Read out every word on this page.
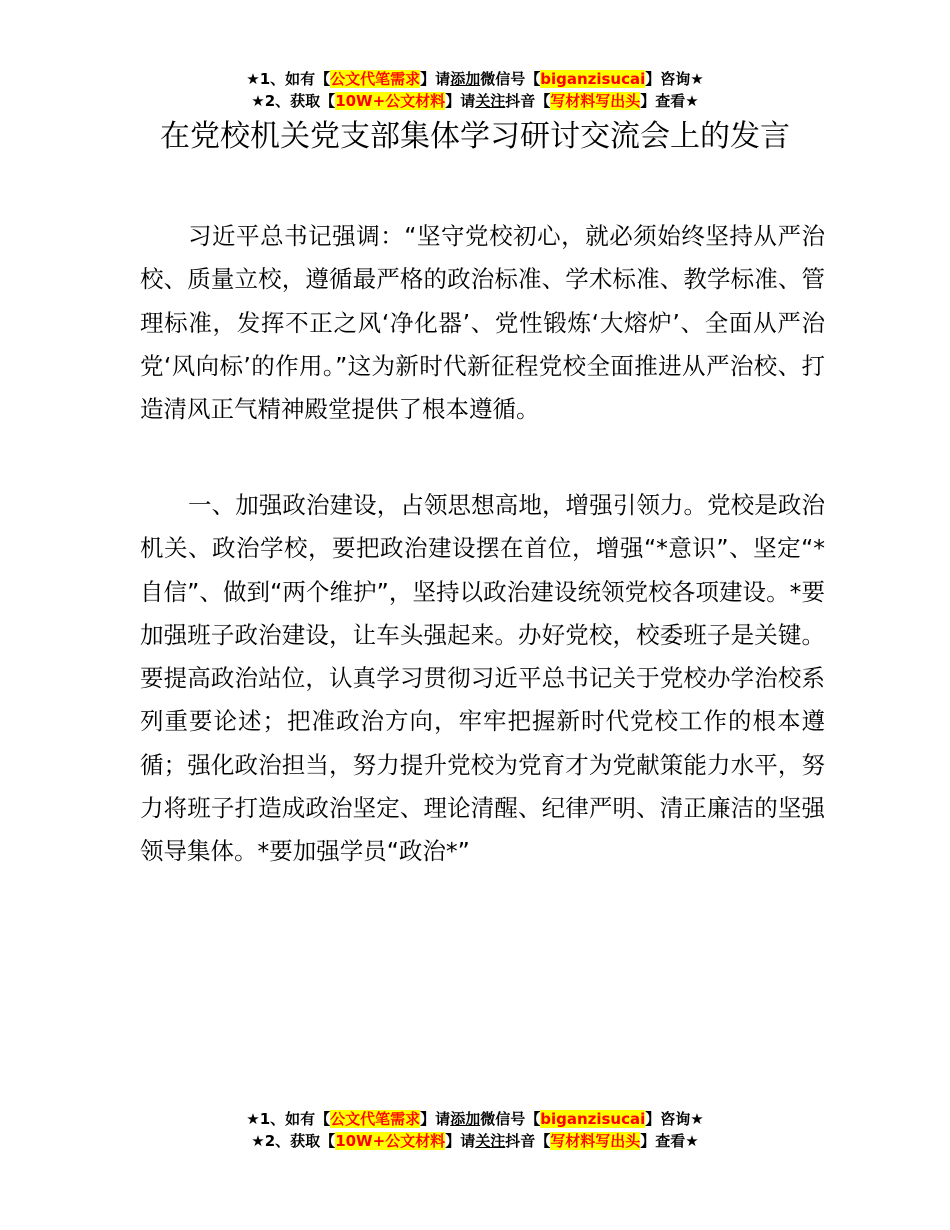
★1、如有【公文代笔需求】请添加微信号【biganzisucai】咨询★
★2、获取【10W+公文材料】请关注抖音【写材料写出头】查看★
在党校机关党支部集体学习研讨交流会上的发言

习近平总书记强调：“坚守党校初心，就必须始终坚持从严治校、质量立校，遵循最严格的政治标准、学术标准、教学标准、管理标准，发挥不正之风‘净化器’、党性锻炼‘大熔炉’、全面从严治党‘风向标’的作用。”这为新时代新征程党校全面推进从严治校、打造清风正气精神殿堂提供了根本遵循。

一、加强政治建设，占领思想高地，增强引领力。党校是政治机关、政治学校，要把政治建设摆在首位，增强“*意识”、坚定“*自信”、做到“两个维护”，坚持以政治建设统领党校各项建设。*要加强班子政治建设，让车头强起来。办好党校，校委班子是关键。要提高政治站位，认真学习贯彻习近平总书记关于党校办学治校系列重要论述；把准政治方向，牢牢把握新时代党校工作的根本遵循；强化政治担当，努力提升党校为党育才为党献策能力水平，努力将班子打造成政治坚定、理论清醒、纪律严明、清正廉洁的坚强领导集体。*要加强学员“政治*”

★1、如有【公文代笔需求】请添加微信号【biganzisucai】咨询★
★2、获取【10W+公文材料】请关注抖音【写材料写出头】查看★
